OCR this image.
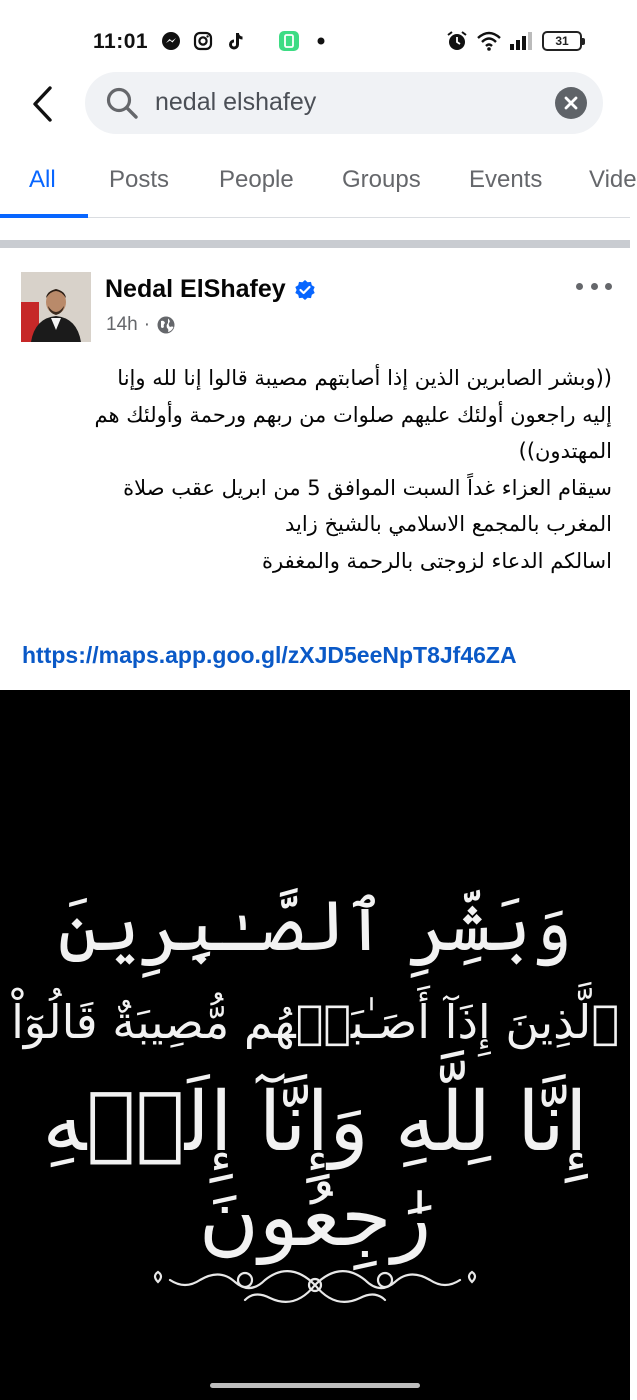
11:01	31
nedal elshafey
All Posts People Groups Events Vide
Nedal ElShafey
14h ·

((وبشر الصابرين الذين إذا أصابتهم مصيبة قالوا إنا لله وإنا

إليه راجعون أولئك عليهم صلوات من ربهم ورحمة وأولئك هم

المهتدون))

سيقام العزاء غداً السبت الموافق 5 من ابريل عقب صلاة

المغرب بالمجمع الاسلامي بالشيخ زايد

اسالكم الدعاء لزوجتى بالرحمة والمغفرة

https://maps.app.goo.gl/zXJD5eeNpT8Jf46ZA
وَبَشِّرِ ٱلصَّـٰبِرِينَ
ٱلَّذِينَ إِذَآ أَصَـٰبَتۡهُم مُّصِيبَةٌ قَالُوٓاْ
إِنَّا لِلَّهِ وَإِنَّآ إِلَيۡهِ رَٰجِعُونَ
